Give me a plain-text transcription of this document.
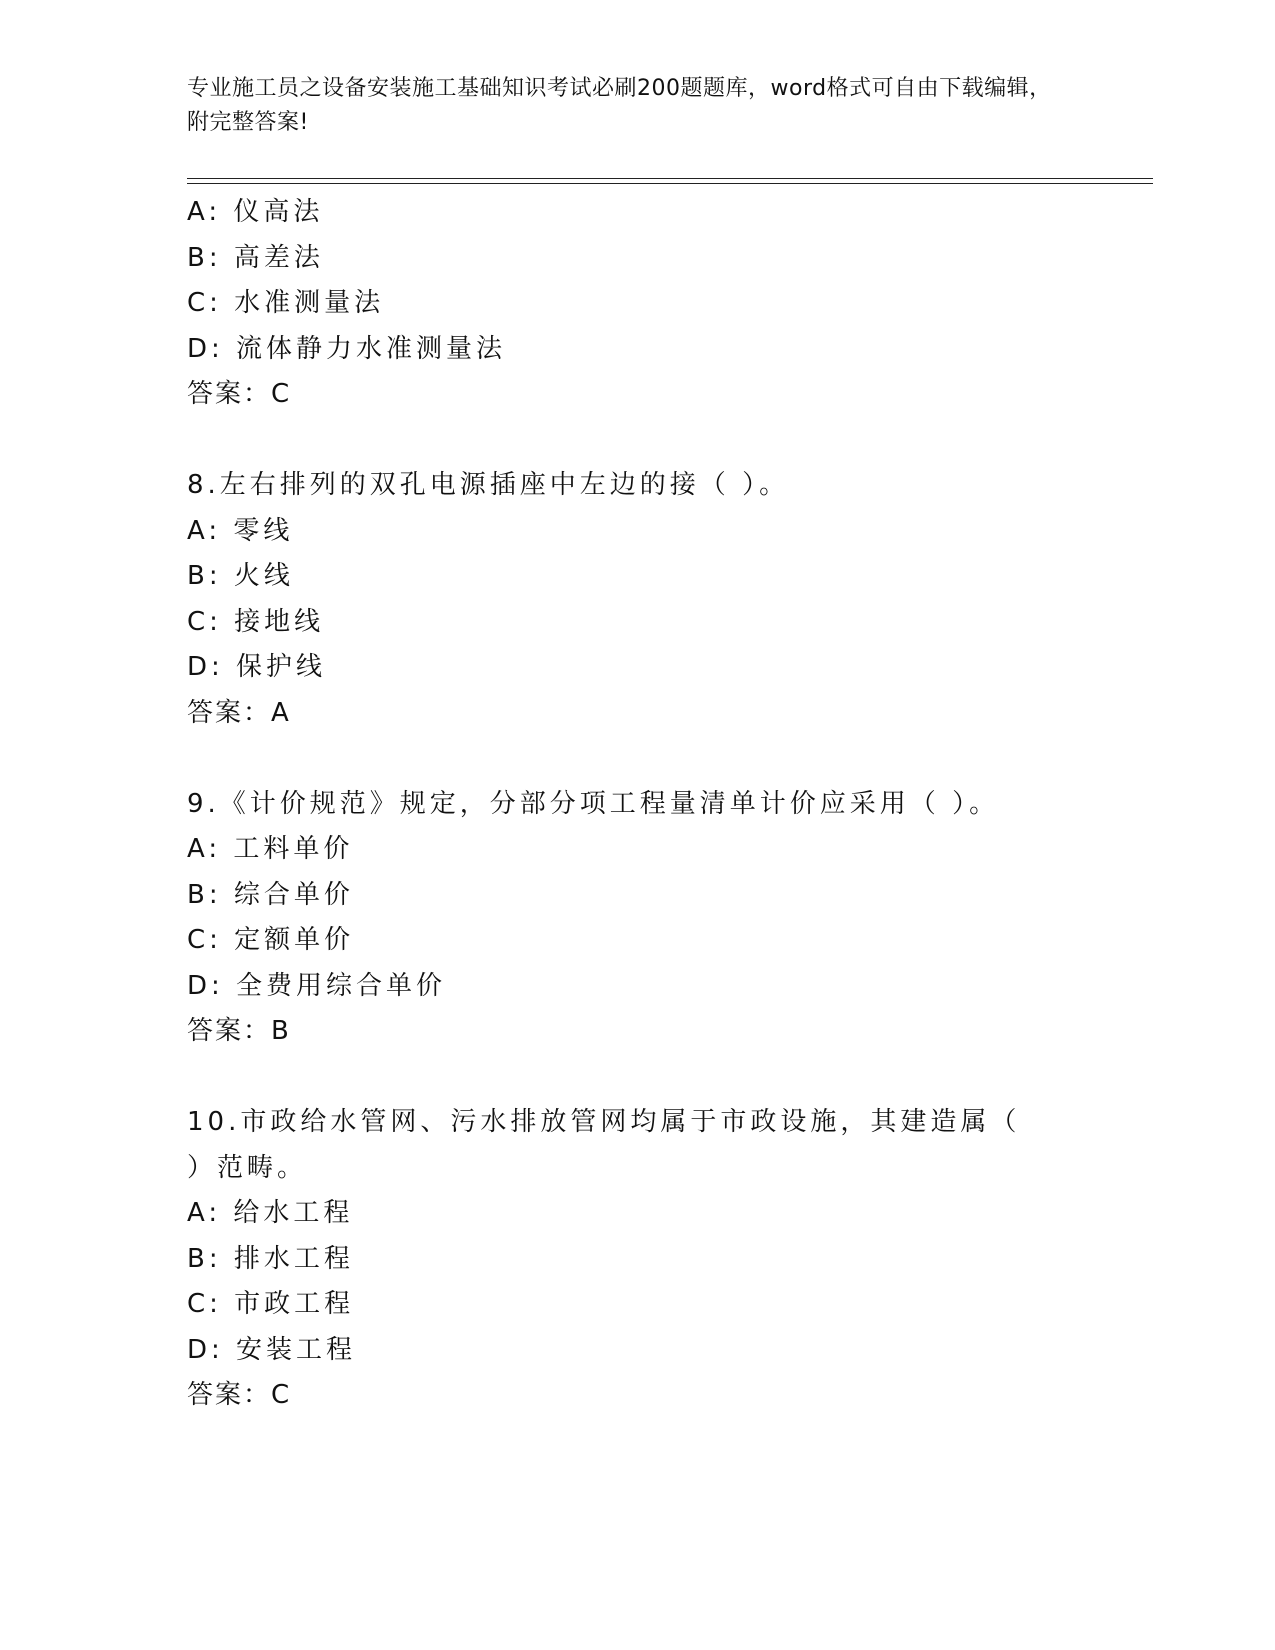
专业施工员之设备安装施工基础知识考试必刷200题题库，word格式可自由下载编辑，附完整答案!
A: 仪高法
B: 高差法
C: 水准测量法
D: 流体静力水准测量法
答案：C
8.左右排列的双孔电源插座中左边的接（ ）。
A: 零线
B: 火线
C: 接地线
D: 保护线
答案：A
9.《计价规范》规定，分部分项工程量清单计价应采用（ ）。
A: 工料单价
B: 综合单价
C: 定额单价
D: 全费用综合单价
答案：B
10.市政给水管网、污水排放管网均属于市政设施，其建造属（ ）范畴。
A: 给水工程
B: 排水工程
C: 市政工程
D: 安装工程
答案：C
